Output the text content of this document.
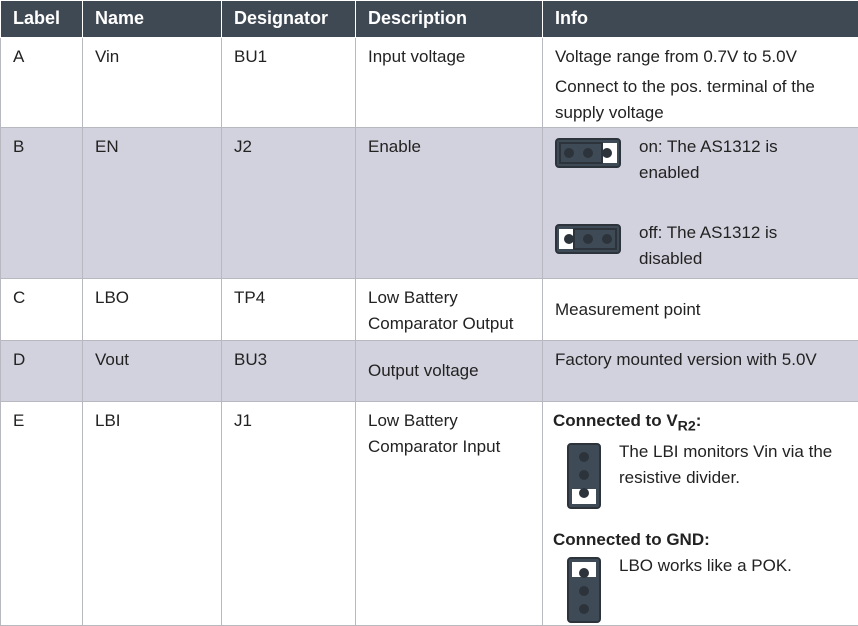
Label	Name	Designator	Description	Info
A	Vin	BU1	Input voltage	Voltage range from 0.7V to 5.0V
Connect to the pos. terminal of the supply voltage

B	EN	J2	Enable	on: The AS1312 is enabled
off: The AS1312 is disabled

C	LBO	TP4	Low Battery Comparator Output	Measurement point
D	Vout	BU3	Output voltage	Factory mounted version with 5.0V
E	LBI	J1	Low Battery Comparator Input	Connected to $V_{R2}$:
The LBI monitors Vin via the resistive divider.
Connected to GND:
LBO works like a POK.
